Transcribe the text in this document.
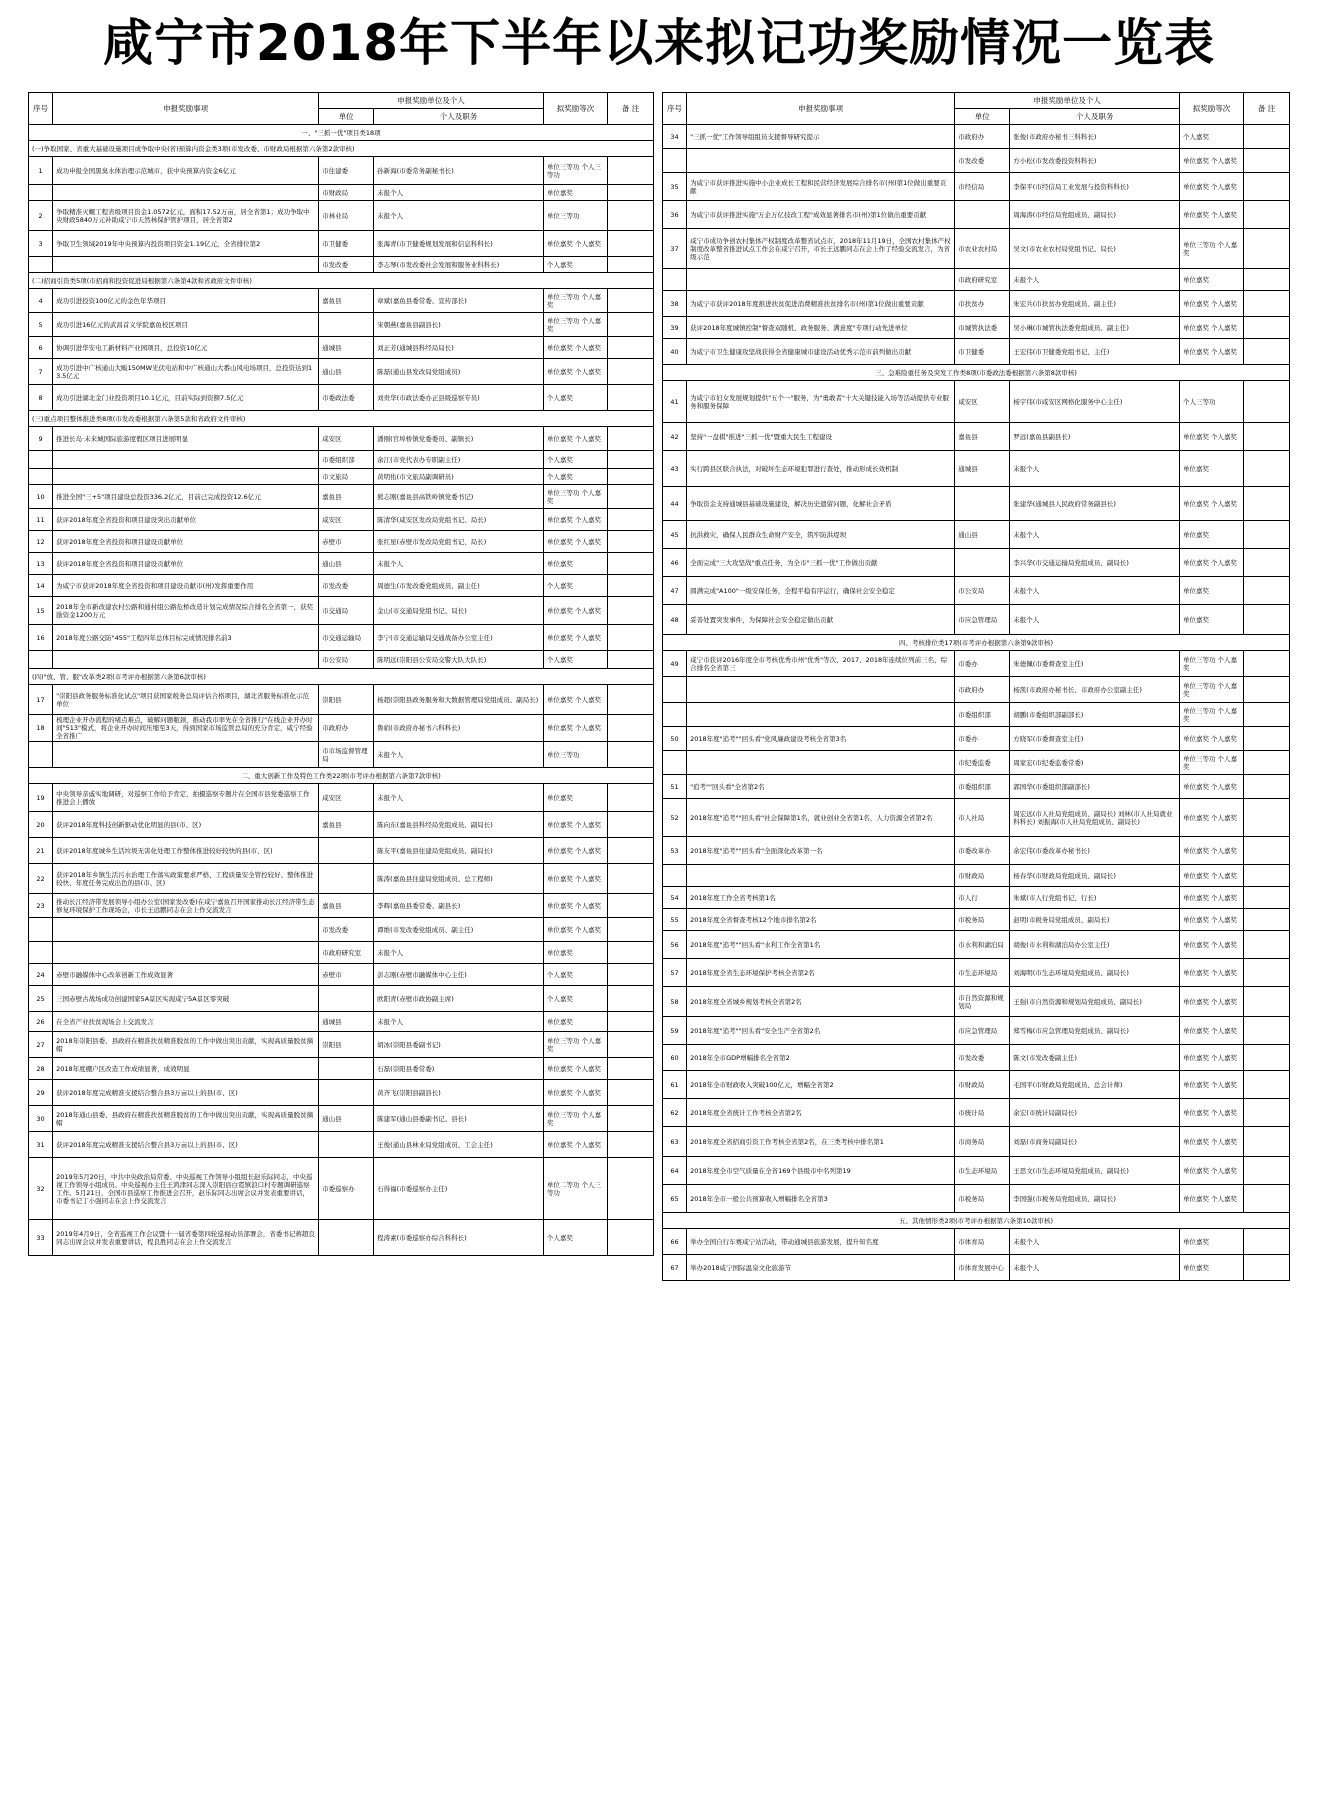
咸宁市2018年下半年以来拟记功奖励情况一览表
序号	申报奖励事项	申报奖励单位及个人		拟奖励等次	备 注
		单位	个人及职务		
一、"三抓一优"项目类18项					
(一)争取国家、省重大基础设施项目或争取中央(省)预算内资金类3项(市发改委、市财政局根据第六条第2款审核)					
1	成功申报全国黑臭水体治理示范城市，获中央预算内资金6亿元	市住建委	孙新海(市委常务副秘书长)	单位三等功 个人三等功	
		市财政局	未报个人	单位嘉奖	
2	争取精准灭螺工程省级项目资金1.0572亿元，面积17.52万亩，居全省第1；成功争取中央财政5840万元补助咸宁市天然林保护管护项目，居全省第2	市林业局	未报个人	单位三等功	
3	争取卫生领域2019年中央预算内投资项目资金1.19亿元，全省排位第2	市卫健委	张海青(市卫健委规划发展和信息科科长)	单位嘉奖 个人嘉奖	
		市发改委	李志琴(市发改委社会发展和服务业科科长)	个人嘉奖	
(二)招商引资类5项(市招商和投资促进局根据第六条第4款和省政府文件审核)					
4	成功引进投资100亿元的金色年华项目	嘉鱼县	章斌(嘉鱼县委常委、宣传部长)	单位三等功 个人嘉奖	
5	成功引进16亿元的武昌首义学院嘉鱼校区项目		宋朝燕(嘉鱼县副县长)	单位三等功 个人嘉奖	
6	协调引进华安电工新材料产业园项目，总投资10亿元	通城县	刘正芳(通城县科经局局长)	单位嘉奖 个人嘉奖	
7	成功引进中广核通山大畈150MW光伏电站和中广核通山大番山风电场项目，总投资达到13.5亿元	通山县	陈磊(通山县发改局党组成员)	单位嘉奖 个人嘉奖	
8	成功引进湖北金门业投资项目10.1亿元，目前实际到资额7.5亿元	市委政法委	刘贵华(市政法委办正县级巡察专员)	个人嘉奖	
(三)重点项目整体推进类8项(市发改委根据第六条第5款和省政府文件审核)					
9	推进长岛·未来城国际旅游度假区项目进展明显	咸安区	潘刚(官埠桥镇党委委员、副镇长)	单位嘉奖 个人嘉奖	
		市委组织部	余江(市党代表办专职副主任)	个人嘉奖	
		市文旅局	黄明佑(市文旅局副调研员)	个人嘉奖	
10	推进全国"三+5"项目建设总投资336.2亿元，目前已完成投资12.6亿元	嘉鱼县	熊志刚(嘉鱼县高铁岭镇党委书记)	单位三等功 个人嘉奖	
11	获评2018年度全省投资和项目建设突出贡献单位	咸安区	陈清华(咸安区发改局党组书记、局长)	单位嘉奖 个人嘉奖	
12	获评2018年度全省投资和项目建设贡献单位	赤壁市	张红星(赤壁市发改局党组书记、局长)	单位嘉奖 个人嘉奖	
13	获评2018年度全省投资和项目建设贡献单位	通山县	未报个人	单位嘉奖	
14	为咸宁市获评2018年度全省投资和项目建设贡献市(州)发挥重要作用	市发改委	周德生(市发改委党组成员、副主任)	个人嘉奖	
15	2018年全市新改建农村公路和通村组公路危桥改造计划完成情况综合排名全省第一，获奖励资金1200万元	市交通局	金山(市交通局党组书记、局长)	单位嘉奖 个人嘉奖	
16	2018年度公路交防"455"工程四年总体目标完成情况排名前3	市交通运输局	李宁(市交通运输局交通战备办公室主任)	单位嘉奖 个人嘉奖	
		市公安局	陈明远(崇阳县公安局交警大队大队长)	个人嘉奖	
(四)"放、管、服"改革类2项(市考评办根据第六条第6款审核)					
17	"崇阳县政务服务标准化试点"项目获国家税务总局评估合格项目，湖北省服务标准化示范单位	崇阳县	杨超(崇阳县政务服务和大数据管理局党组成员、副局长)	单位嘉奖 个人嘉奖	
18	梳理企业开办流程的堵点难点，破解问题瓶颈，推动我市率先在全省推行"在线企业开办时间"513"模式，将企业开办时间压缩至3天，得到国家市场监管总局的充分肯定，咸宁经验全省推广	市政府办	鲁娟(市政府办秘书六科科长)	单位嘉奖 个人嘉奖	
		市市场监督管理局	未报个人	单位三等功	
二、重大创新工作及特色工作类22项(市考评办根据第六条第7款审核)					
19	中央领导亲戚实地调研，对巡察工作给予肯定，拍摄巡察专题片在全国市县党委巡察工作推进会上播放	咸安区	未报个人	单位嘉奖	
20	获评2018年度科技创新驱动优化明显的县(市、区)	嘉鱼县	陈向东(嘉鱼县科经局党组成员、副局长)	单位嘉奖 个人嘉奖	
21	获评2018年度城乡生活垃圾无害化处理工作整体推进较好较快的县(市、区)		陈友平(嘉鱼县住建局党组成员、副局长)	单位嘉奖 个人嘉奖	
22	获评2018年乡镇生活污水治理工作落实政策要求严格、工程质量安全管控较好、整体推进较快、年度任务完成出色的县(市、区)		陈涛(嘉鱼县住建局党组成员、总工程师)	单位嘉奖 个人嘉奖	
23	推动长江经济带发展领导小组办公室(国家发改委)在咸宁嘉鱼召开国家推动长江经济带生态修复环境保护工作现场会，市长王远鹏同志在会上作交流发言	嘉鱼县	李辉(嘉鱼县委常委、副县长)	单位嘉奖 个人嘉奖	
		市发改委	谭维(市发改委党组成员、副主任)	单位嘉奖 个人嘉奖	
		市政府研究室	未报个人	单位嘉奖	
24	赤壁市融媒体中心改革创新工作成效显著	赤壁市	彭志刚(赤壁市融媒体中心主任)	个人嘉奖	
25	三国赤壁古战场成功创建国家5A景区实现咸宁5A景区零突破		欧阳青(赤壁市政协副主席)	个人嘉奖	
26	在全省产业扶贫现场会上交流发言	通城县	未报个人	单位嘉奖	
27	2018年崇阳县委、县政府在精准扶贫精准脱贫的工作中做出突出贡献，实现高质量脱贫摘帽	崇阳县	胡冰(崇阳县委副书记)	单位三等功 个人嘉奖	
28	2018年度棚户区改造工作成绩显著，成效明显		石磊(崇阳县委常委)	单位嘉奖 个人嘉奖	
29	获评2018年度完成精准支援结合整合县3万亩以上的县(市、区)		黄齐飞(崇阳县副县长)	单位嘉奖 个人嘉奖	
30	2018年通山县委、县政府在精准扶贫精准脱贫的工作中做出突出贡献，实现高质量脱贫摘帽	通山县	陈建军(通山县委副书记、县长)	单位三等功 个人嘉奖	
31	获评2018年度完成精准支援结合整合县3万亩以上的县(市、区)		王俊(通山县林业局党组成员、工会主任)	单位嘉奖 个人嘉奖	
32	2019年5月20日，中共中央政治局常委、中央巡视工作领导小组组长赵乐际同志，中央巡视工作领导小组成员、中央巡视办主任王鸿津同志深入崇阳县白霓镇浪口村专题调研巡察工作。5月21日，全国市县巡察工作推进会召开，赵乐际同志出席会议并发表重要讲话，市委书记丁小强同志在会上作交流发言	市委巡察办	石得福(市委巡察办主任)	单位二等功 个人三等功	
33	2019年4月9日，全省巡视工作会议暨十一届省委第四轮巡视动员部署会，省委书记蒋超良同志出席会议并发表重要讲话，程良胜同志在会上作交流发言		程涛素(市委巡察办综合科科长)	个人嘉奖	
序号	申报奖励事项	申报奖励单位及个人		拟奖励等次	备 注
		单位	个人及职务		
34	"三抓一优"工作领导组组员支援督导研究提示	市政府办	张俊(市政府办秘书三科科长)	个人嘉奖	
		市发改委	方小松(市发改委投资科科长)	单位嘉奖 个人嘉奖	
35	为咸宁市获评推进实施中小企业成长工程和民营经济发展综合排名市(州)第1位做出重要贡献	市经信局	李保平(市经信局工业发展与投资科科长)	单位嘉奖 个人嘉奖	
36	为咸宁市获评推进实施"万企万亿技改工程"成效显著排名市(州)第1位做出重要贡献		周海涛(市经信局党组成员、副局长)	单位嘉奖 个人嘉奖	
37	咸宁市成功争创农村集体产权制度改革整省试点市，2018年11月19日，全国农村集体产权制度改革整省推进试点工作会在咸宁召开，市长王远鹏同志在会上作了经验交流发言，为省级示范	市农业农村局	吴文(市农业农村局党组书记、局长)	单位三等功 个人嘉奖	
		市政府研究室	未报个人	单位嘉奖	
38	为咸宁市获评2018年度推进扶贫促进消费精准扶贫排名市(州)第1位做出重要贡献	市扶贫办	朱宏兵(市扶贫办党组成员、副主任)	单位嘉奖 个人嘉奖	
39	获评2018年度城镇控制"督查双随机、政务服务、满意度"专项行动先进单位	市城管执法委	吴小琳(市城管执法委党组成员、副主任)	单位嘉奖 个人嘉奖	
40	为咸宁市卫生健康攻坚战获得全省健康城市建设活动优秀示范市前列做出贡献	市卫健委	王宏伟(市卫健委党组书记、主任)	单位嘉奖 个人嘉奖	
三、急难险重任务及突发工作类8项(市委政法委根据第六条第8款审核)					
41	为咸宁市妇女发展规划提供"五个一"服务，为"勇敢者"十大关键技能入场等活动提供专业服务和服务保障	咸安区	杨宇伟(市咸安区网格化服务中心主任)	个人三等功	
42	坚持"一盘棋"推进"三抓一优"暨重大民生工程建设	嘉鱼县	罗远(嘉鱼县副县长)	单位嘉奖 个人嘉奖	
43	实行跨县区联合执法，对破坏生态环境犯罪进行查处，推动形成长效机制	通城县	未报个人	单位嘉奖	
44	争取资金支持通城县基础设施建设，解决历史遗留问题，化解社会矛盾		张建华(通城县人民政府常务副县长)	单位嘉奖 个人嘉奖	
45	抗洪救灾，确保人民群众生命财产安全，筑牢防洪堤坝	通山县	未报个人	单位嘉奖	
46	全面完成"三大攻坚战"重点任务，为全市"三抓一优"工作做出贡献		李兴华(市交通运输局党组成员、副局长)	单位嘉奖 个人嘉奖	
47	圆满完成"A100"一级安保任务，全程平稳有序运行，确保社会安全稳定	市公安局	未报个人	单位嘉奖	
48	妥善处置突发事件，为保障社会安全稳定做出贡献	市应急管理局	未报个人	单位嘉奖	
四、考核排位类17项(市考评办根据第六条第9款审核)					
49	咸宁市获评2016年度全市考核优秀市州"优秀"等次、2017、2018年连续位列前三名，综合排名全省第三	市委办	朱德佩(市委督查室主任)	单位三等功 个人嘉奖	
		市政府办	杨凯(市政府办秘书长、市政府办公室副主任)	单位三等功 个人嘉奖	
		市委组织部	胡鹏(市委组织部副部长)	单位三等功 个人嘉奖	
50	2018年度"追考""回头看"党风廉政建设考核全省第3名	市委办	方晓军(市委督查室主任)	单位嘉奖 个人嘉奖	
		市纪委监委	周家宏(市纪委监委常委)	单位三等功 个人嘉奖	
51	"追考""回头看"全省第2名	市委组织部	郭国华(市委组织部副部长)	单位嘉奖 个人嘉奖	
52	2018年度"追考""回头看"社会保障第1名，就业创业全省第1名，人力资源全省第2名	市人社局	周宏远(市人社局党组成员、副局长) 刘林(市人社局就业科科长) 刘振海(市人社局党组成员、副局长)	单位嘉奖 个人嘉奖	
53	2018年度"追考""回头看"全面深化改革第一名	市委改革办	余宏伟(市委改革办秘书长)	单位嘉奖 个人嘉奖	
		市财政局	杨春华(市财政局党组成员、副局长)	单位嘉奖 个人嘉奖	
54	2018年度工作全省考核第1名	市人行	朱斌(市人行党组书记、行长)	单位嘉奖 个人嘉奖	
55	2018年度全省督查考核12个地市排名第2名	市税务局	赵明(市税务局党组成员、副局长)	单位嘉奖 个人嘉奖	
56	2018年度"追考""回头看"水利工作全省第1名	市水利和湖泊局	胡俊(市水利和湖泊局办公室主任)	单位嘉奖 个人嘉奖	
57	2018年度全省生态环境保护考核全省第2名	市生态环境局	刘海明(市生态环境局党组成员、副局长)	单位嘉奖 个人嘉奖	
58	2018年度全省城乡规划考核全省第2名	市自然资源和规划局	王强(市自然资源和规划局党组成员、副局长)	单位嘉奖 个人嘉奖	
59	2018年度"追考""回头看"安全生产全省第2名	市应急管理局	郑雪梅(市应急管理局党组成员、副局长)	单位嘉奖 个人嘉奖	
60	2018年全市GDP增幅排名全省第2	市发改委	陈文(市发改委副主任)	单位嘉奖 个人嘉奖	
61	2018年全市财政收入突破100亿元，增幅全省第2	市财政局	毛国平(市财政局党组成员、总会计师)	单位嘉奖 个人嘉奖	
62	2018年度全省统计工作考核全省第2名	市统计局	余宏(市统计局副局长)	单位嘉奖 个人嘉奖	
63	2018年度全省招商引资工作考核全省第2名，在三类考核中排名第1	市商务局	刘磊(市商务局副局长)	单位嘉奖 个人嘉奖	
64	2018年度全市空气质量在全省169个县级市中名列第19	市生态环境局	王思文(市生态环境局党组成员、副局长)	单位嘉奖 个人嘉奖	
65	2018年全市一般公共预算收入增幅排名全省第3	市税务局	李国强(市税务局党组成员、副局长)	单位嘉奖 个人嘉奖	
五、其他情形类2项(市考评办根据第六条第10款审核)					
66	举办全国自行车赛咸宁站活动，带动通城县旅游发展，提升知名度	市体育局	未报个人	单位嘉奖	
67	举办2018咸宁国际温泉文化旅游节	市体育发展中心	未报个人	单位嘉奖	
